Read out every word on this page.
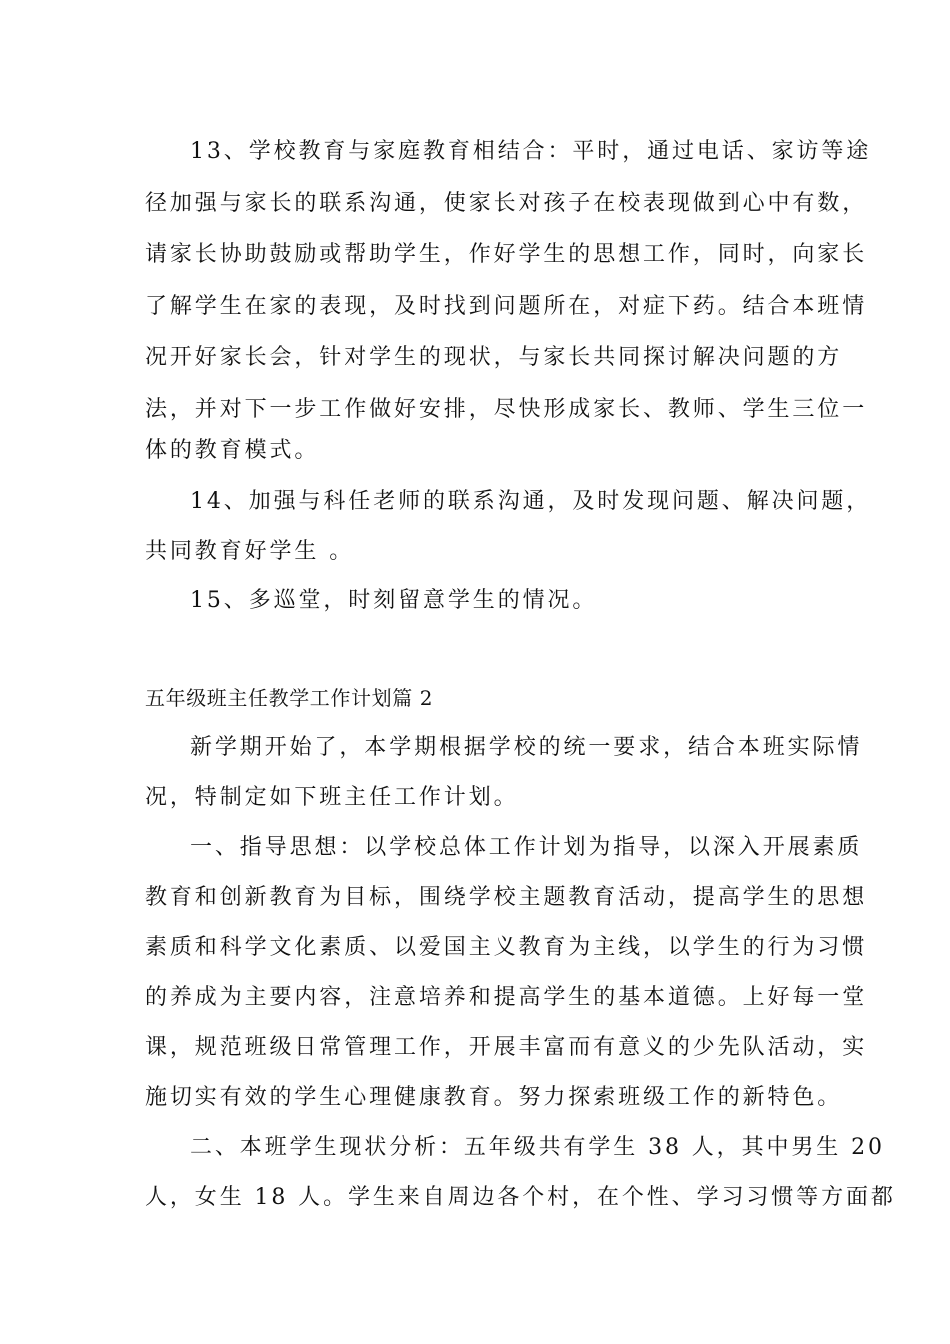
13、学校教育与家庭教育相结合：平时，通过电话、家访等途
径加强与家长的联系沟通，使家长对孩子在校表现做到心中有数，
请家长协助鼓励或帮助学生，作好学生的思想工作，同时，向家长
了解学生在家的表现，及时找到问题所在，对症下药。结合本班情
况开好家长会，针对学生的现状，与家长共同探讨解决问题的方
法，并对下一步工作做好安排，尽快形成家长、教师、学生三位一
体的教育模式。
14、加强与科任老师的联系沟通，及时发现问题、解决问题，
共同教育好学生 。
15、多巡堂，时刻留意学生的情况。
五年级班主任教学工作计划篇 2
新学期开始了，本学期根据学校的统一要求，结合本班实际情
况，特制定如下班主任工作计划。
一、指导思想：以学校总体工作计划为指导，以深入开展素质
教育和创新教育为目标，围绕学校主题教育活动，提高学生的思想
素质和科学文化素质、以爱国主义教育为主线，以学生的行为习惯
的养成为主要内容，注意培养和提高学生的基本道德。上好每一堂
课，规范班级日常管理工作，开展丰富而有意义的少先队活动，实
施切实有效的学生心理健康教育。努力探索班级工作的新特色。
二、本班学生现状分析：五年级共有学生 38 人，其中男生 20
人，女生 18 人。学生来自周边各个村，在个性、学习习惯等方面都
